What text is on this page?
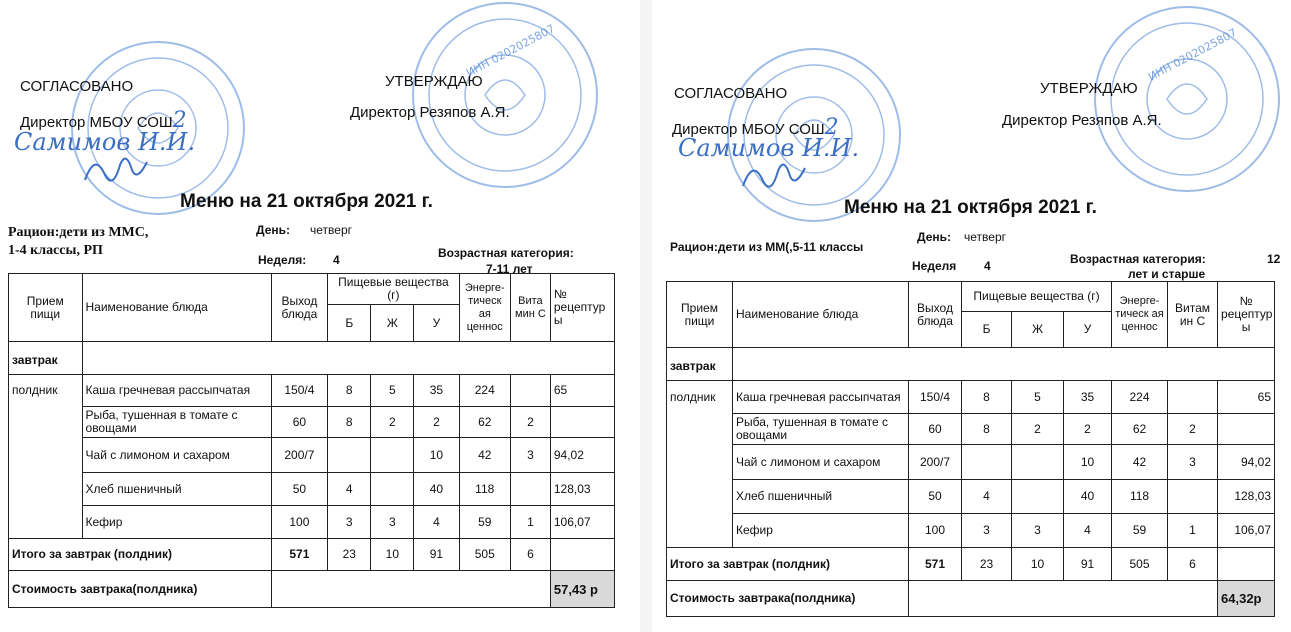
ИНН 0202025807
СОГЛАСОВАНО
Директор МБОУ СОШ2
Самимов И.И.
УТВЕРЖДАЮ
Директор Резяпов А.Я.
Меню на 21 октября 2021 г.
Рацион:дети из ММС,
1-4 классы, РП
День: четверг
Неделя: 4	Возрастная категория:
7-11 лет
Прием пищи	Наименование блюда	Выход блюда	Пищевые вещества (г)			Энерге-тическ ая ценнос	Вита мин С	№ рецептур ы
			Б	Ж	У			
завтрак								
полдник	Каша гречневая рассыпчатая	150/4	8	5	35	224		65
	Рыба, тушенная в томате с овощами	60	8	2	2	62	2	
	Чай с лимоном и сахаром	200/7			10	42	3	94,02
	Хлеб пшеничный	50	4		40	118		128,03
	Кефир	100	3	3	4	59	1	106,07
Итого за завтрак (полдник)		571	23	10	91	505	6	
Стоимость завтрака(полдника)								57,43 р
ИНН 0202025807
СОГЛАСОВАНО
Директор МБОУ СОШ2
Самимов И.И.
УТВЕРЖДАЮ
Директор Резяпов А.Я.
Меню на 21 октября 2021 г.
Рацион:дети из ММ(,5-11 классы
День: четверг
Неделя 4	Возрастная категория:	12
лет и старше
Прием пищи	Наименование блюда	Выход блюда	Пищевые вещества (г)			Энерге-тическ ая ценнос	Витам ин С	№ рецептур ы
			Б	Ж	У			
завтрак								
полдник	Каша гречневая рассыпчатая	150/4	8	5	35	224		65
	Рыба, тушенная в томате с овощами	60	8	2	2	62	2	
	Чай с лимоном и сахаром	200/7			10	42	3	94,02
	Хлеб пшеничный	50	4		40	118		128,03
	Кефир	100	3	3	4	59	1	106,07
Итого за завтрак (полдник)		571	23	10	91	505	6	
Стоимость завтрака(полдника)								64,32р
